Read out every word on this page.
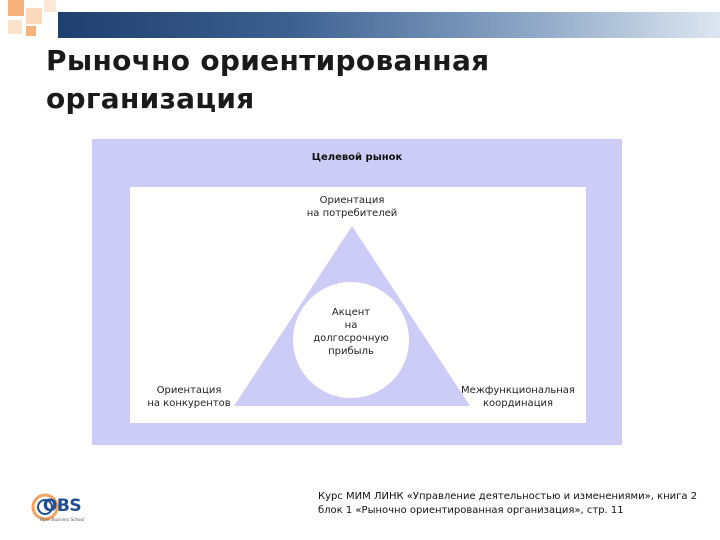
Рыночно ориентированная организация
Целевой рынок
Ориентация
на потребителей
Акцент
на
долгосрочную
прибыль
Ориентация
на конкурентов
Межфункциональная
координация
Курс МИМ ЛИНК «Управление деятельностью и изменениями», книга 2 блок 1 «Рыночно ориентированная организация», стр. 11
OBS
Open Business School
